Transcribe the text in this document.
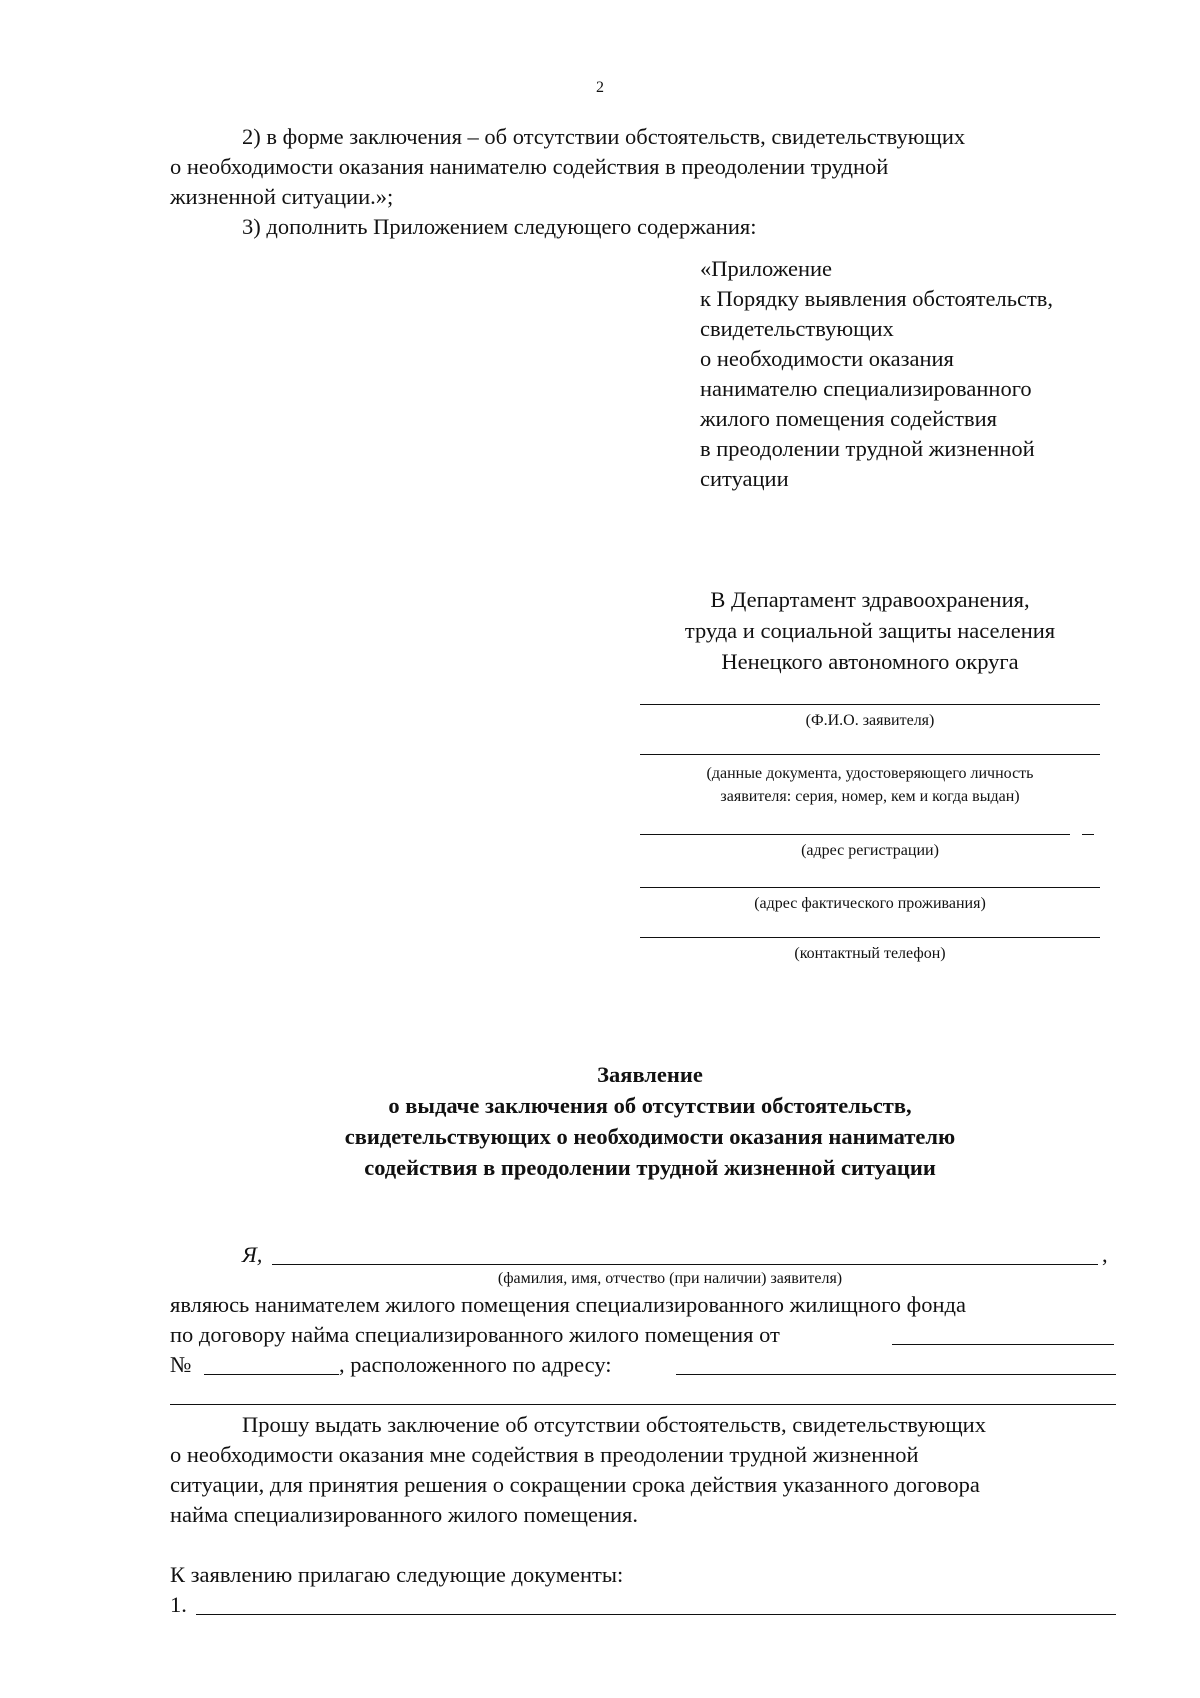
2

2) в форме заключения – об отсутствии обстоятельств, свидетельствующих

о необходимости оказания нанимателю содействия в преодолении трудной

жизненной ситуации.»;

3) дополнить Приложением следующего содержания:

«Приложение
к Порядку выявления обстоятельств,
свидетельствующих
о необходимости оказания
нанимателю специализированного
жилого помещения содействия
в преодолении трудной жизненной
ситуации
В Департамент здравоохранения,
труда и социальной защиты населения
Ненецкого автономного округа
(Ф.И.О. заявителя)
(данные документа, удостоверяющего личность
заявителя: серия, номер, кем и когда выдан)
(адрес регистрации)
(адрес фактического проживания)
(контактный телефон)
Заявление
о выдаче заключения об отсутствии обстоятельств,
свидетельствующих о необходимости оказания нанимателю
содействия в преодолении трудной жизненной ситуации
Я,	,
(фамилия, имя, отчество (при наличии) заявителя)

являюсь нанимателем жилого помещения специализированного жилищного фонда

по договору найма специализированного жилого помещения от
№	, расположенного по адресу:

Прошу выдать заключение об отсутствии обстоятельств, свидетельствующих

о необходимости оказания мне содействия в преодолении трудной жизненной

ситуации, для принятия решения о сокращении срока действия указанного договора

найма специализированного жилого помещения.

К заявлению прилагаю следующие документы:

1.
